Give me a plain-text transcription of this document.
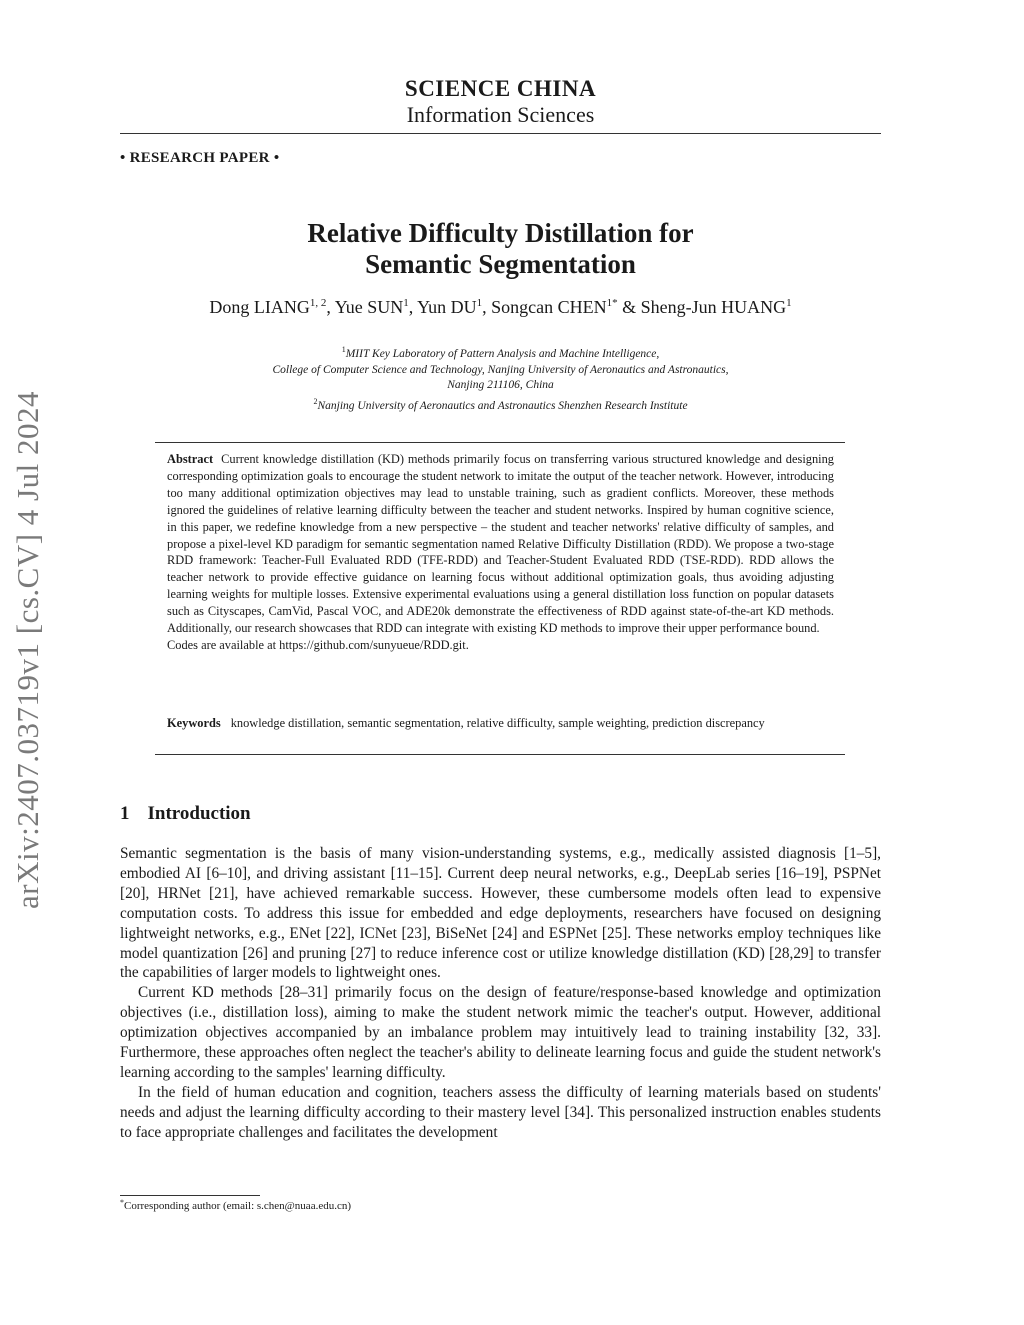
arXiv:2407.03719v1 [cs.CV] 4 Jul 2024
SCIENCE CHINA
Information Sciences
• RESEARCH PAPER •
Relative Difficulty Distillation for
Semantic Segmentation
Dong LIANG$^{1, 2}$, Yue SUN$^1$, Yun $DU^1$, Songcan $CHEN^{1*}$ & Sheng-Jun HUANG$^1$
$^1$MIIT Key Laboratory of Pattern Analysis and Machine Intelligence,
College of Computer Science and Technology, Nanjing University of Aeronautics and Astronautics,
Nanjing 211106, China
$^2$Nanjing University of Aeronautics and Astronautics Shenzhen Research Institute

Abstract Current knowledge distillation (KD) methods primarily focus on transferring various structured knowledge and designing corresponding optimization goals to encourage the student network to imitate the output of the teacher network. However, introducing too many additional optimization objectives may lead to unstable training, such as gradient conflicts. Moreover, these methods ignored the guidelines of relative learning difficulty between the teacher and student networks. Inspired by human cognitive science, in this paper, we redefine knowledge from a new perspective – the student and teacher networks' relative difficulty of samples, and propose a pixel-level KD paradigm for semantic segmentation named Relative Difficulty Distillation (RDD). We propose a two-stage RDD framework: Teacher-Full Evaluated RDD (TFE-RDD) and Teacher-Student Evaluated RDD (TSE-RDD). RDD allows the teacher network to provide effective guidance on learning focus without additional optimization goals, thus avoiding adjusting learning weights for multiple losses. Extensive experimental evaluations using a general distillation loss function on popular datasets such as Cityscapes, CamVid, Pascal VOC, and ADE20k demonstrate the effectiveness of RDD against state-of-the-art KD methods. Additionally, our research showcases that RDD can integrate with existing KD methods to improve their upper performance bound.

Codes are available at https://github.com/sunyueue/RDD.git.

Keywords knowledge distillation, semantic segmentation, relative difficulty, sample weighting, prediction discrepancy
1 Introduction

Semantic segmentation is the basis of many vision-understanding systems, e.g., medically assisted diagnosis [1–5], embodied AI [6–10], and driving assistant [11–15]. Current deep neural networks, e.g., DeepLab series [16–19], PSPNet [20], HRNet [21], have achieved remarkable success. However, these cumbersome models often lead to expensive computation costs. To address this issue for embedded and edge deployments, researchers have focused on designing lightweight networks, e.g., ENet [22], ICNet [23], BiSeNet [24] and ESPNet [25]. These networks employ techniques like model quantization [26] and pruning [27] to reduce inference cost or utilize knowledge distillation (KD) [28,29] to transfer the capabilities of larger models to lightweight ones.

Current KD methods [28–31] primarily focus on the design of feature/response-based knowledge and optimization objectives (i.e., distillation loss), aiming to make the student network mimic the teacher's output. However, additional optimization objectives accompanied by an imbalance problem may intuitively lead to training instability [32, 33]. Furthermore, these approaches often neglect the teacher's ability to delineate learning focus and guide the student network's learning according to the samples' learning difficulty.

In the field of human education and cognition, teachers assess the difficulty of learning materials based on students' needs and adjust the learning difficulty according to their mastery level [34]. This personalized instruction enables students to face appropriate challenges and facilitates the development

*Corresponding author (email: s.chen@nuaa.edu.cn)
